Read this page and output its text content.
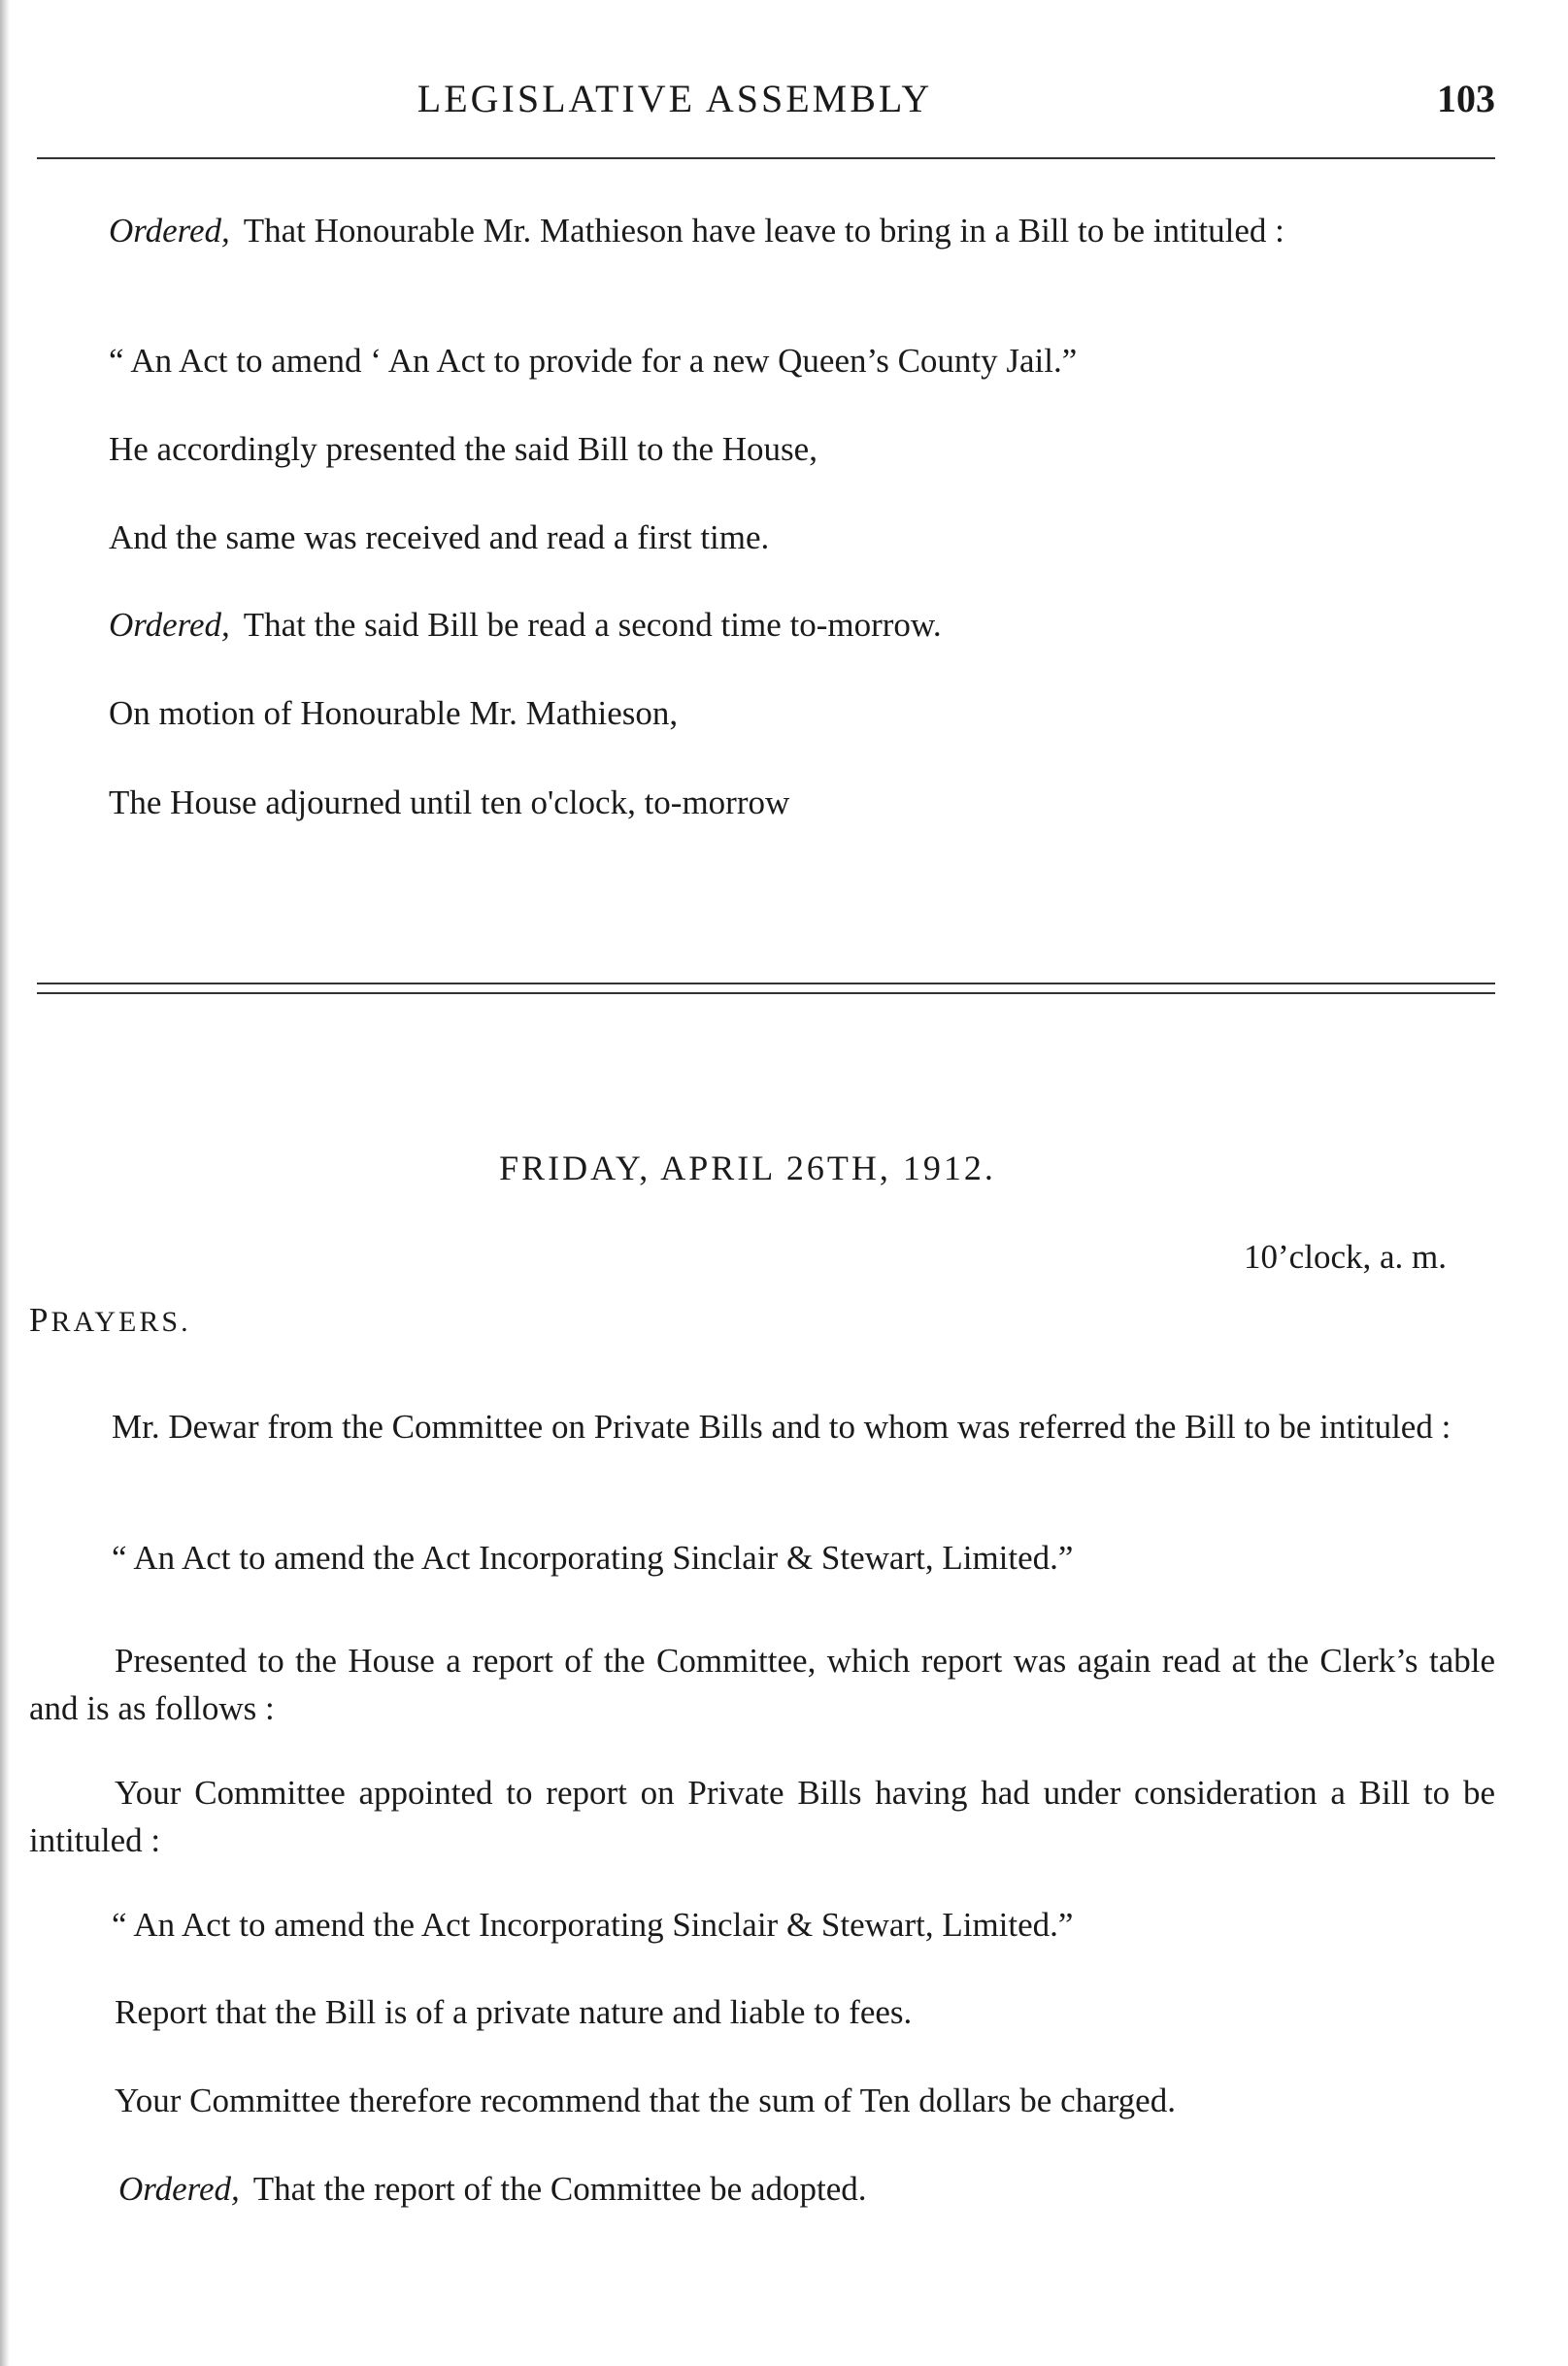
LEGISLATIVE ASSEMBLY	103
Ordered, That Honourable Mr. Mathieson have leave to bring in a Bill to be intituled :
“ An Act to amend ‘ An Act to provide for a new Queen’s County Jail.”
He accordingly presented the said Bill to the House,
And the same was received and read a first time.
Ordered, That the said Bill be read a second time to-morrow.
On motion of Honourable Mr. Mathieson,
The House adjourned until ten o'clock, to-morrow
FRIDAY, APRIL 26TH, 1912.
10’clock, a. m.
PRAYERS.
Mr. Dewar from the Committee on Private Bills and to whom was referred the Bill to be intituled :
“ An Act to amend the Act Incorporating Sinclair & Stewart, Limited.”
Presented to the House a report of the Committee, which report was again read at the Clerk’s table and is as follows :
Your Committee appointed to report on Private Bills having had under consideration a Bill to be intituled :
“ An Act to amend the Act Incorporating Sinclair & Stewart, Limited.”
Report that the Bill is of a private nature and liable to fees.
Your Committee therefore recommend that the sum of Ten dollars be charged.
Ordered, That the report of the Committee be adopted.
